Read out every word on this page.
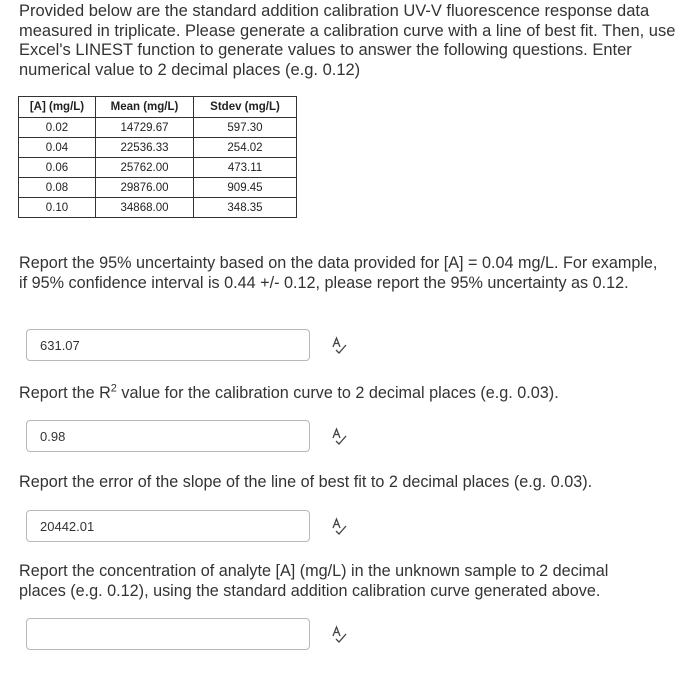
Provided below are the standard addition calibration UV-V fluorescence response data measured in triplicate. Please generate a calibration curve with a line of best fit. Then, use Excel's LINEST function to generate values to answer the following questions. Enter numerical value to 2 decimal places (e.g. 0.12)

[A] (mg/L)	Mean (mg/L)	Stdev (mg/L)
0.02	14729.67	597.30
0.04	22536.33	254.02
0.06	25762.00	473.11
0.08	29876.00	909.45
0.10	34868.00	348.35

Report the 95% uncertainty based on the data provided for [A] = 0.04 mg/L. For example, if 95% confidence interval is 0.44 +/- 0.12, please report the 95% uncertainty as 0.12.

631.07

Report the $R^2$ value for the calibration curve to 2 decimal places (e.g. 0.03).

0.98

Report the error of the slope of the line of best fit to 2 decimal places (e.g. 0.03).

20442.01

Report the concentration of analyte [A] (mg/L) in the unknown sample to 2 decimal places (e.g. 0.12), using the standard addition calibration curve generated above.
